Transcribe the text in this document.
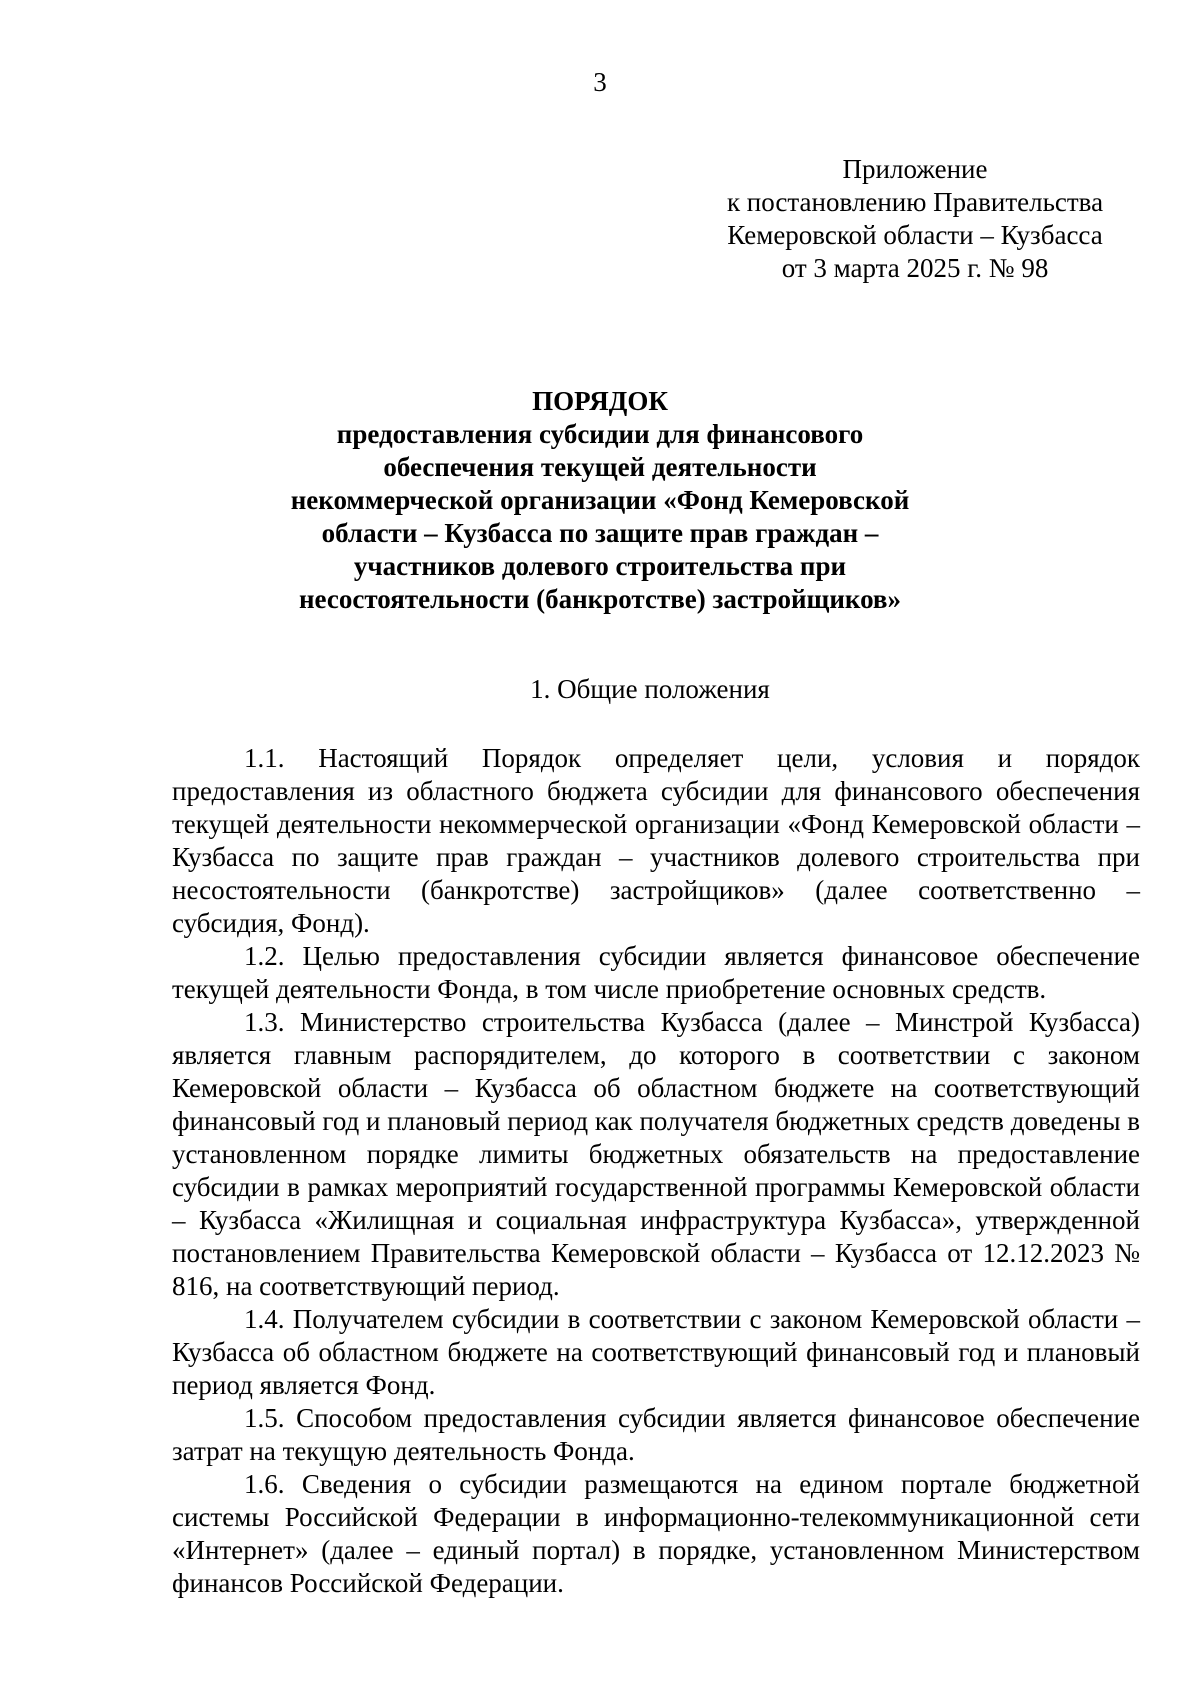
3
Приложение
к постановлению Правительства
Кемеровской области – Кузбасса
от 3 марта 2025 г. № 98
ПОРЯДОК
предоставления субсидии для финансового
обеспечения текущей деятельности
некоммерческой организации «Фонд Кемеровской
области – Кузбасса по защите прав граждан –
участников долевого строительства при
несостоятельности (банкротстве) застройщиков»
1. Общие положения

1.1. Настоящий Порядок определяет цели, условия и порядок предоставления из областного бюджета субсидии для финансового обеспечения текущей деятельности некоммерческой организации «Фонд Кемеровской области – Кузбасса по защите прав граждан – участников долевого строительства при несостоятельности (банкротстве) застройщиков» (далее соответственно – субсидия, Фонд).

1.2. Целью предоставления субсидии является финансовое обеспечение текущей деятельности Фонда, в том числе приобретение основных средств.

1.3. Министерство строительства Кузбасса (далее – Минстрой Кузбасса) является главным распорядителем, до которого в соответствии с законом Кемеровской области – Кузбасса об областном бюджете на соответствующий финансовый год и плановый период как получателя бюджетных средств доведены в установленном порядке лимиты бюджетных обязательств на предоставление субсидии в рамках мероприятий государственной программы Кемеровской области – Кузбасса «Жилищная и социальная инфраструктура Кузбасса», утвержденной постановлением Правительства Кемеровской области – Кузбасса от 12.12.2023 № 816, на соответствующий период.

1.4. Получателем субсидии в соответствии с законом Кемеровской области – Кузбасса об областном бюджете на соответствующий финансовый год и плановый период является Фонд.

1.5. Способом предоставления субсидии является финансовое обеспечение затрат на текущую деятельность Фонда.

1.6. Сведения о субсидии размещаются на едином портале бюджетной системы Российской Федерации в информационно-телекоммуникационной сети «Интернет» (далее – единый портал) в порядке, установленном Министерством финансов Российской Федерации.
